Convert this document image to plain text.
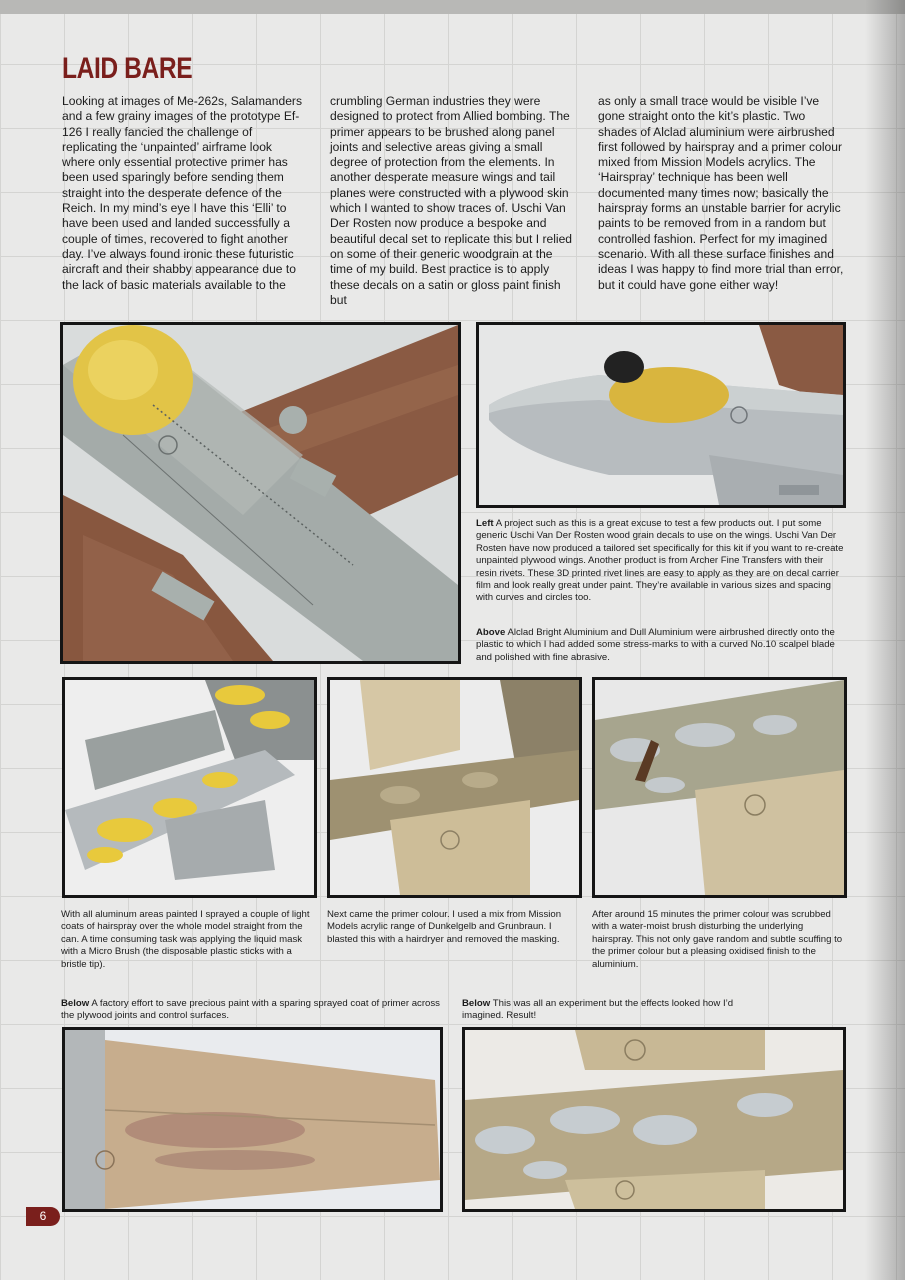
LAID BARE

Looking at images of Me-262s, Salamanders and a few grainy images of the prototype Ef-126 I really fancied the challenge of replicating the ‘unpainted’ airframe look where only essential protective primer has been used sparingly before sending them straight into the desperate defence of the Reich. In my mind’s eye I have this ‘Elli’ to have been used and landed successfully a couple of times, recovered to fight another day. I’ve always found ironic these futuristic aircraft and their shabby appearance due to the lack of basic materials available to the

crumbling German industries they were designed to protect from Allied bombing. The primer appears to be brushed along panel joints and selective areas giving a small degree of protection from the elements. In another desperate measure wings and tail planes were constructed with a plywood skin which I wanted to show traces of. Uschi Van Der Rosten now produce a bespoke and beautiful decal set to replicate this but I relied on some of their generic woodgrain at the time of my build. Best practice is to apply these decals on a satin or gloss paint finish but

as only a small trace would be visible I’ve gone straight onto the kit’s plastic. Two shades of Alclad aluminium were airbrushed first followed by hairspray and a primer colour mixed from Mission Models acrylics. The ‘Hairspray’ technique has been well documented many times now; basically the hairspray forms an unstable barrier for acrylic paints to be removed from in a random but controlled fashion. Perfect for my imagined scenario. With all these surface finishes and ideas I was happy to find more trial than error, but it could have gone either way!

Left A project such as this is a great excuse to test a few products out. I put some generic Uschi Van Der Rosten wood grain decals to use on the wings. Uschi Van Der Rosten have now produced a tailored set specifically for this kit if you want to re-create unpainted plywood wings. Another product is from Archer Fine Transfers with their resin rivets. These 3D printed rivet lines are easy to apply as they are on decal carrier film and look really great under paint. They’re available in various sizes and spacing with curves and circles too.

Above Alclad Bright Aluminium and Dull Aluminium were airbrushed directly onto the plastic to which I had added some stress-marks to with a curved No.10 scalpel blade and polished with fine abrasive.

With all aluminum areas painted I sprayed a couple of light coats of hairspray over the whole model straight from the can. A time consuming task was applying the liquid mask with a Micro Brush (the disposable plastic sticks with a bristle tip).

Next came the primer colour. I used a mix from Mission Models acrylic range of Dunkelgelb and Grunbraun. I blasted this with a hairdryer and removed the masking.

After around 15 minutes the primer colour was scrubbed with a water-moist brush disturbing the underlying hairspray. This not only gave random and subtle scuffing to the primer colour but a pleasing oxidised finish to the aluminium.

Below A factory effort to save precious paint with a sparing sprayed coat of primer across the plywood joints and control surfaces.

Below This was all an experiment but the effects looked how I’d imagined. Result!

6
